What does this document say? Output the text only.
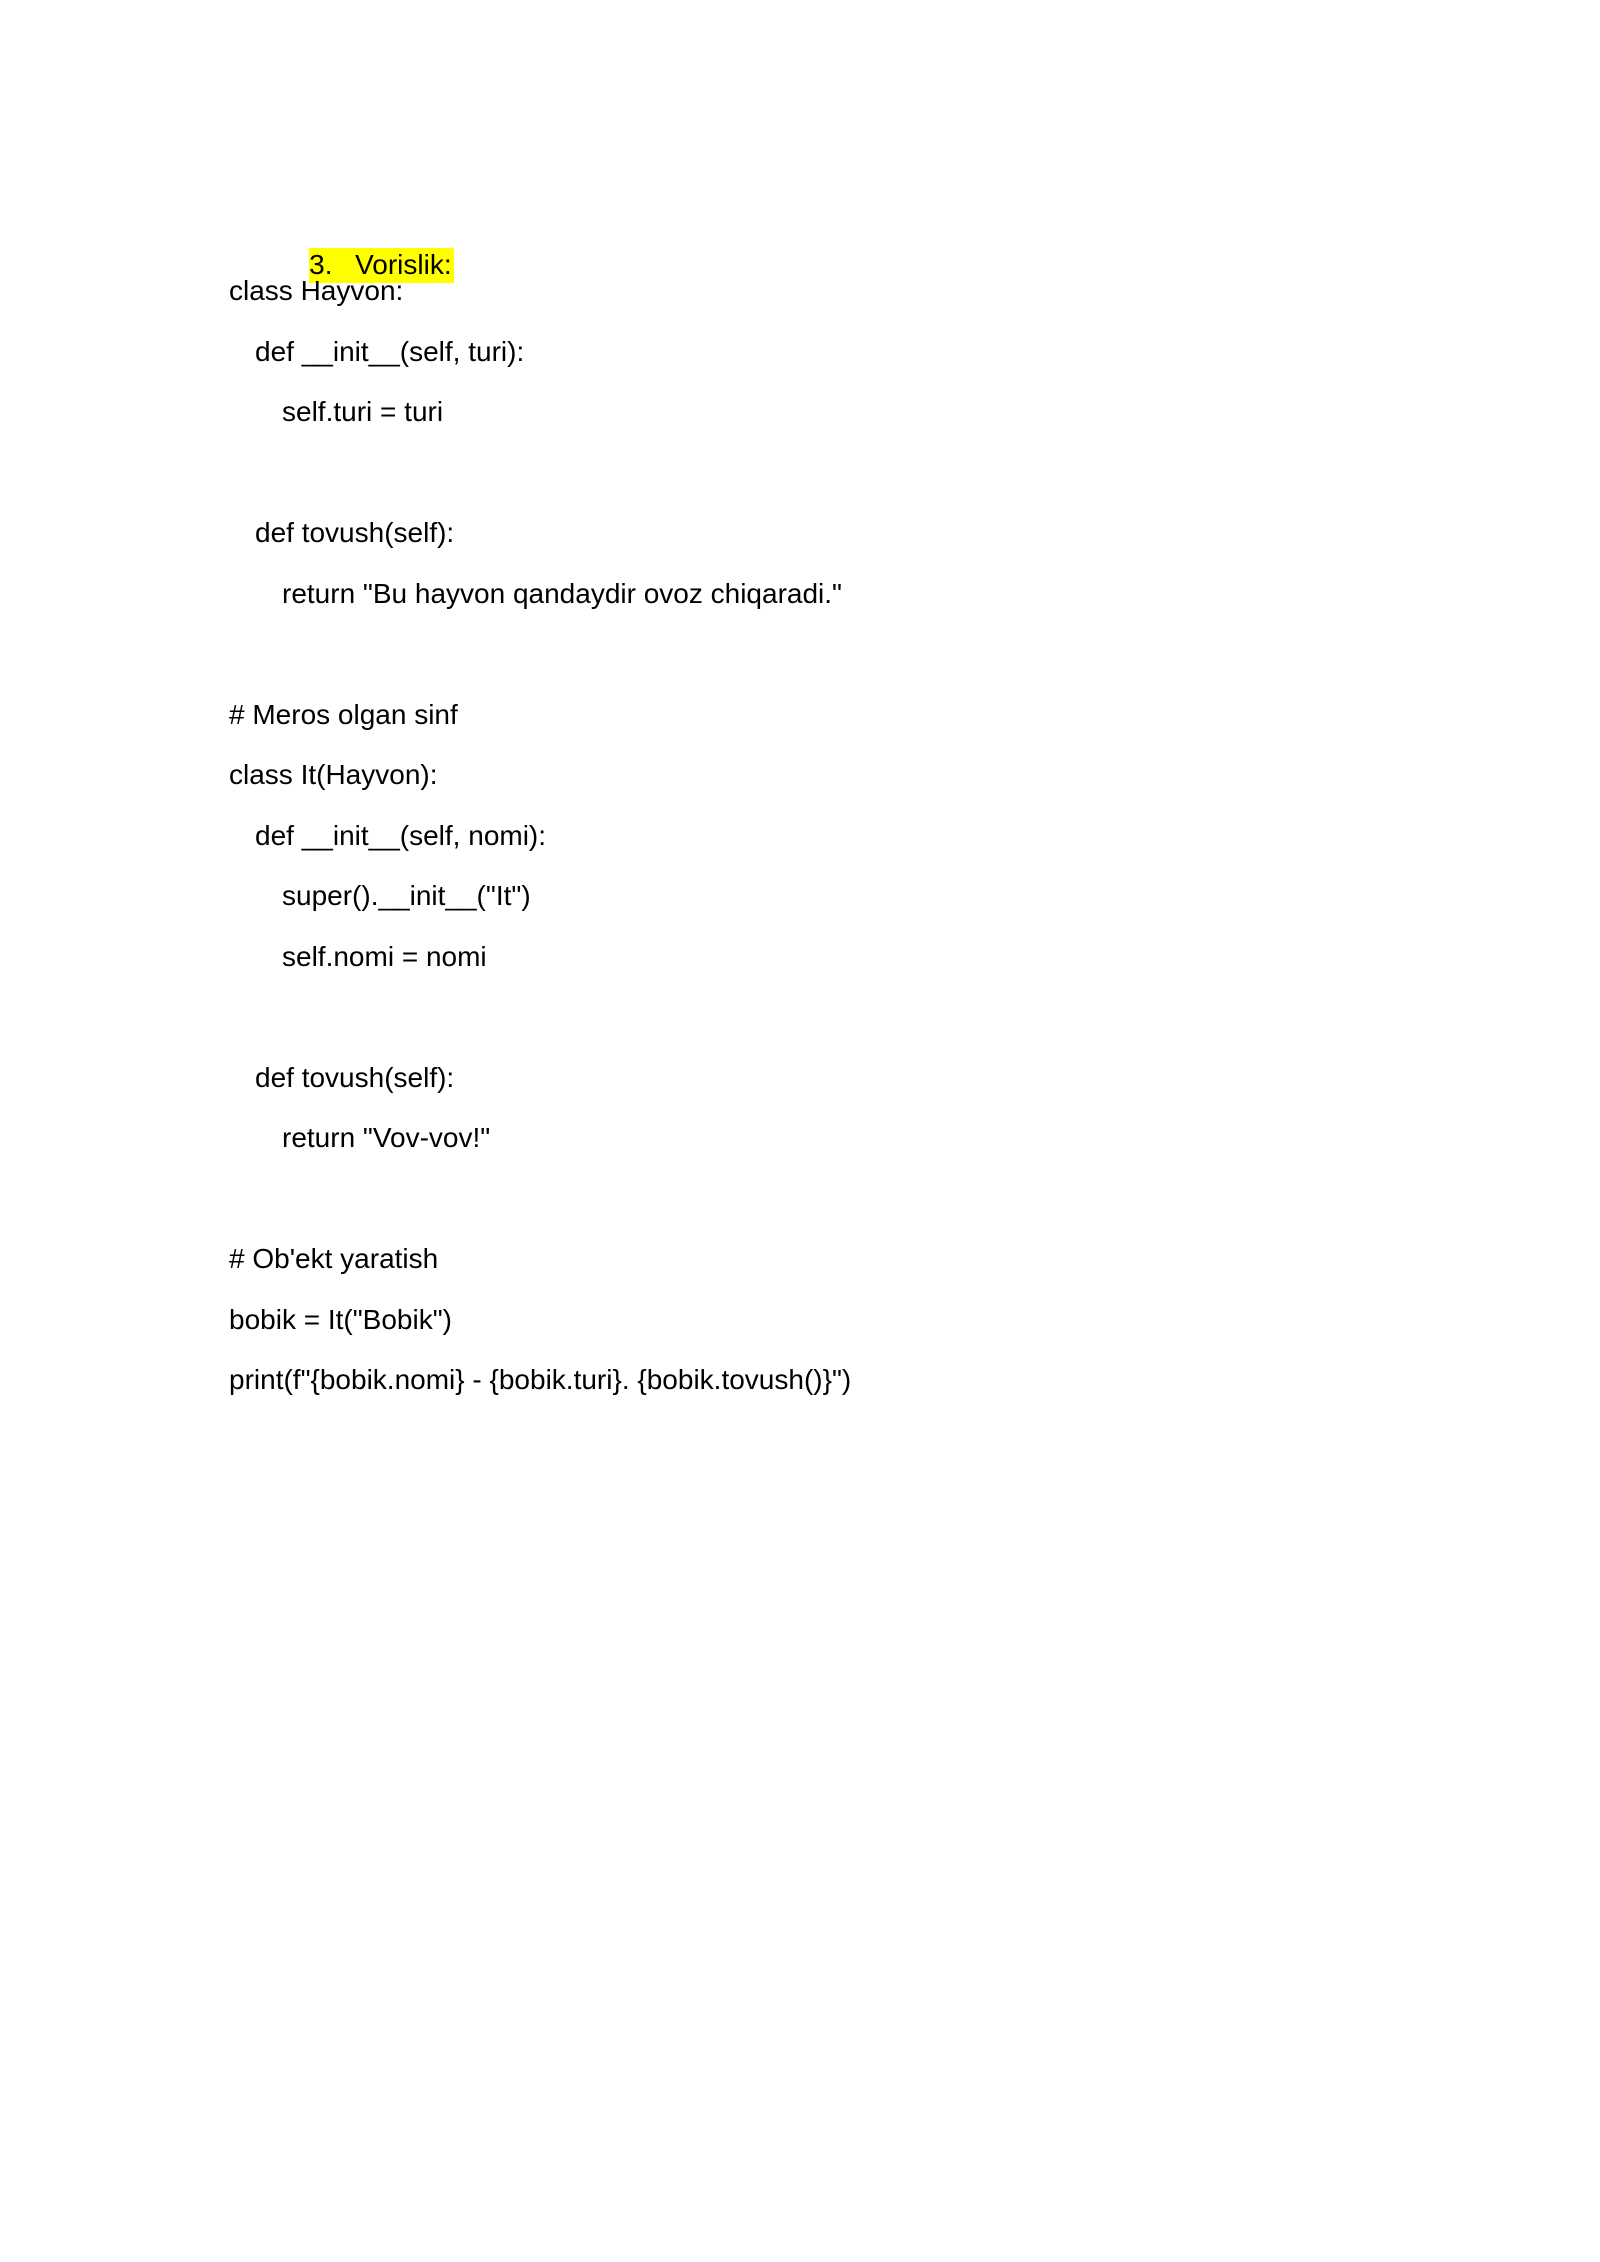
3. Vorislik:

class Hayvon:
def __init__(self, turi):
self.turi = turi
def tovush(self):
return "Bu hayvon qandaydir ovoz chiqaradi."
# Meros olgan sinf
class It(Hayvon):
def __init__(self, nomi):
super().__init__("It")
self.nomi = nomi
def tovush(self):
return "Vov-vov!"
# Ob'ekt yaratish
bobik = It("Bobik")
print(f"{bobik.nomi} - {bobik.turi}. {bobik.tovush()}")
